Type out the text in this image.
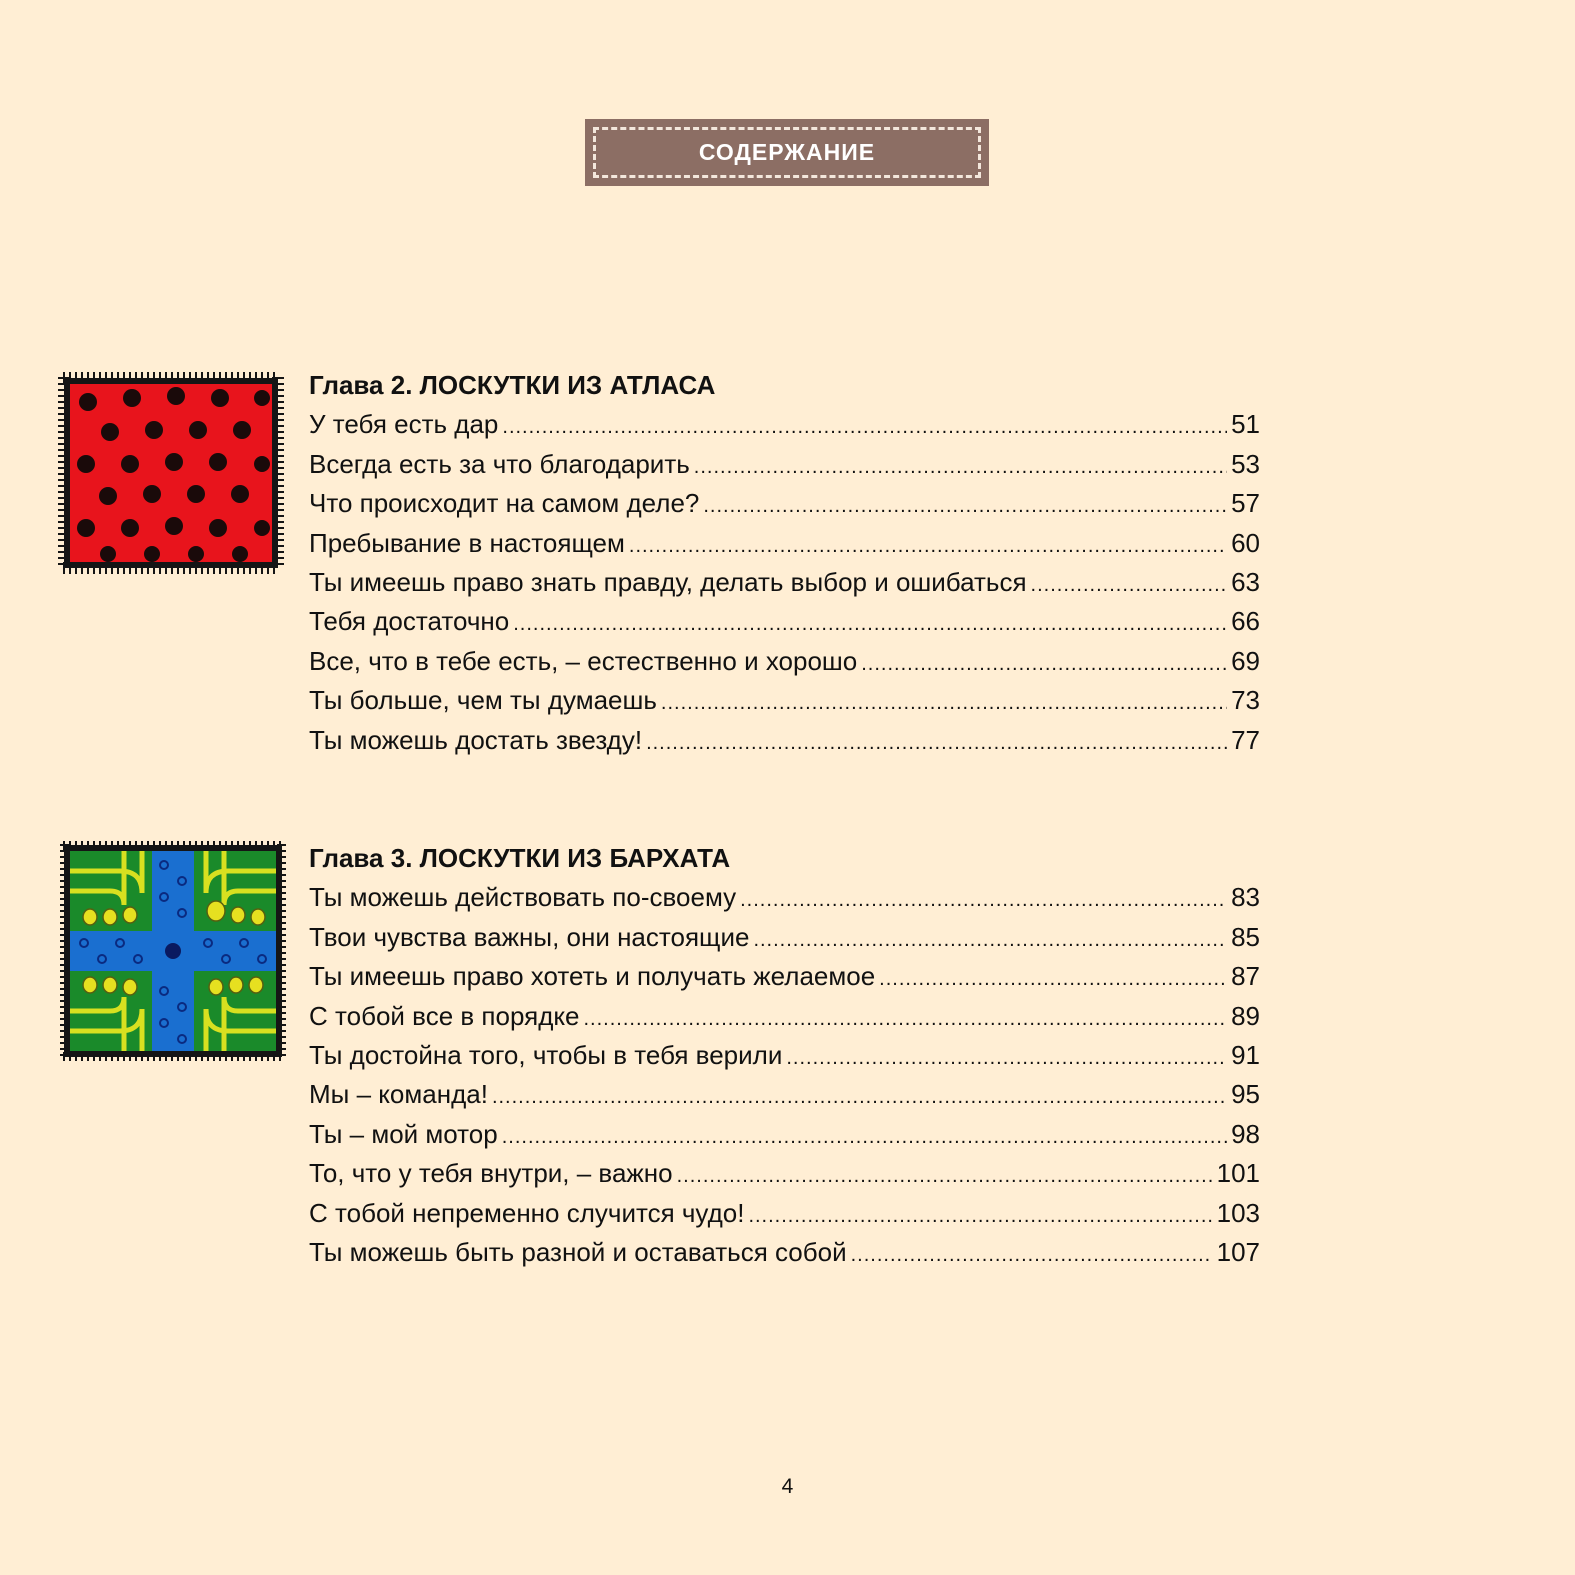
СОДЕРЖАНИЕ
Глава 2. ЛОСКУТКИ ИЗ АТЛАСА
У тебя есть дар .....	51
Всегда есть за что благодарить .....	53
Что происходит на самом деле? .....	57
Пребывание в настоящем .....	60
Ты имеешь право знать правду, делать выбор и ошибаться .....	63
Тебя достаточно .....	66
Все, что в тебе есть, – естественно и хорошо .....	69
Ты больше, чем ты думаешь .....	73
Ты можешь достать звезду! .....	77
Глава 3. ЛОСКУТКИ ИЗ БАРХАТА
Ты можешь действовать по-своему .....	83
Твои чувства важны, они настоящие .....	85
Ты имеешь право хотеть и получать желаемое .....	87
С тобой все в порядке .....	89
Ты достойна того, чтобы в тебя верили .....	91
Мы – команда! .....	95
Ты – мой мотор .....	98
То, что у тебя внутри, – важно .....	101
С тобой непременно случится чудо! .....	103
Ты можешь быть разной и оставаться собой .....	107
4
